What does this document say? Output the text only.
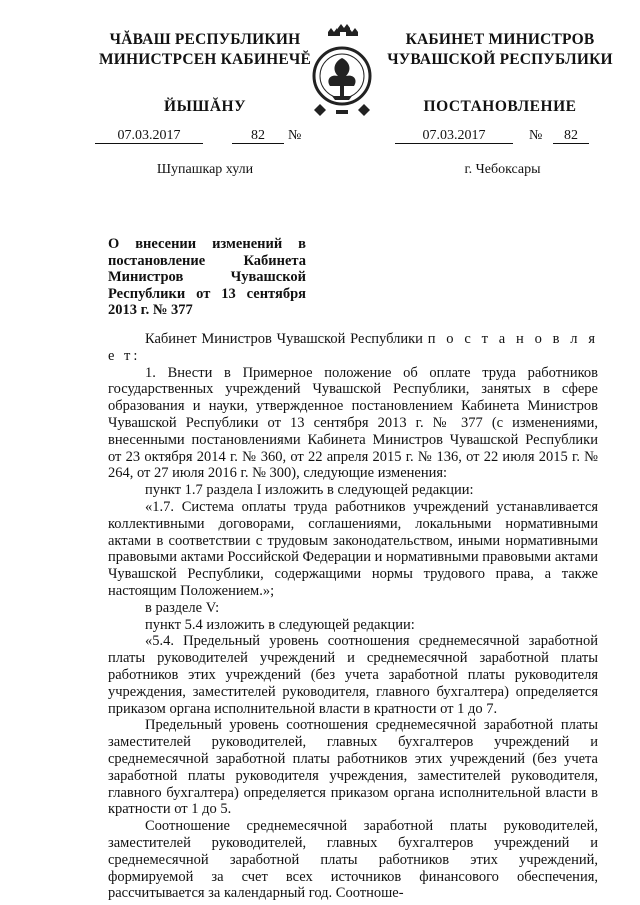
ЧĂВАШ РЕСПУБЛИКИН
МИНИСТРСЕН КАБИНЕЧĔ
ЙЫШĂНУ
КАБИНЕТ МИНИСТРОВ
ЧУВАШСКОЙ РЕСПУБЛИКИ
ПОСТАНОВЛЕНИЕ
07.03.2017	82	№	07.03.2017	№	82
Шупашкар хули	г. Чебоксары
О внесении изменений в постановление Кабинета Министров Чувашской Республики от 13 сентября 2013 г. № 377

Кабинет Министров Чувашской Республики п о с т а н о в л я е т:

1. Внести в Примерное положение об оплате труда работников государственных учреждений Чувашской Республики, занятых в сфере образования и науки, утвержденное постановлением Кабинета Министров Чувашской Республики от 13 сентября 2013 г. № 377 (с изменениями, внесенными постановлениями Кабинета Министров Чувашской Республики от 23 октября 2014 г. № 360, от 22 апреля 2015 г. № 136, от 22 июля 2015 г. № 264, от 27 июля 2016 г. № 300), следующие изменения:

пункт 1.7 раздела I изложить в следующей редакции:

«1.7. Система оплаты труда работников учреждений устанавливается коллективными договорами, соглашениями, локальными нормативными актами в соответствии с трудовым законодательством, иными нормативными правовыми актами Российской Федерации и нормативными правовыми актами Чувашской Республики, содержащими нормы трудового права, а также настоящим Положением.»;

в разделе V:

пункт 5.4 изложить в следующей редакции:

«5.4. Предельный уровень соотношения среднемесячной заработной платы руководителей учреждений и среднемесячной заработной платы работников этих учреждений (без учета заработной платы руководителя учреждения, заместителей руководителя, главного бухгалтера) определяется приказом органа исполнительной власти в кратности от 1 до 7.

Предельный уровень соотношения среднемесячной заработной платы заместителей руководителей, главных бухгалтеров учреждений и среднемесячной заработной платы работников этих учреждений (без учета заработной платы руководителя учреждения, заместителей руководителя, главного бухгалтера) определяется приказом органа исполнительной власти в кратности от 1 до 5.

Соотношение среднемесячной заработной платы руководителей, заместителей руководителей, главных бухгалтеров учреждений и среднемесячной заработной платы работников этих учреждений, формируемой за счет всех источников финансового обеспечения, рассчитывается за календарный год. Соотноше-
